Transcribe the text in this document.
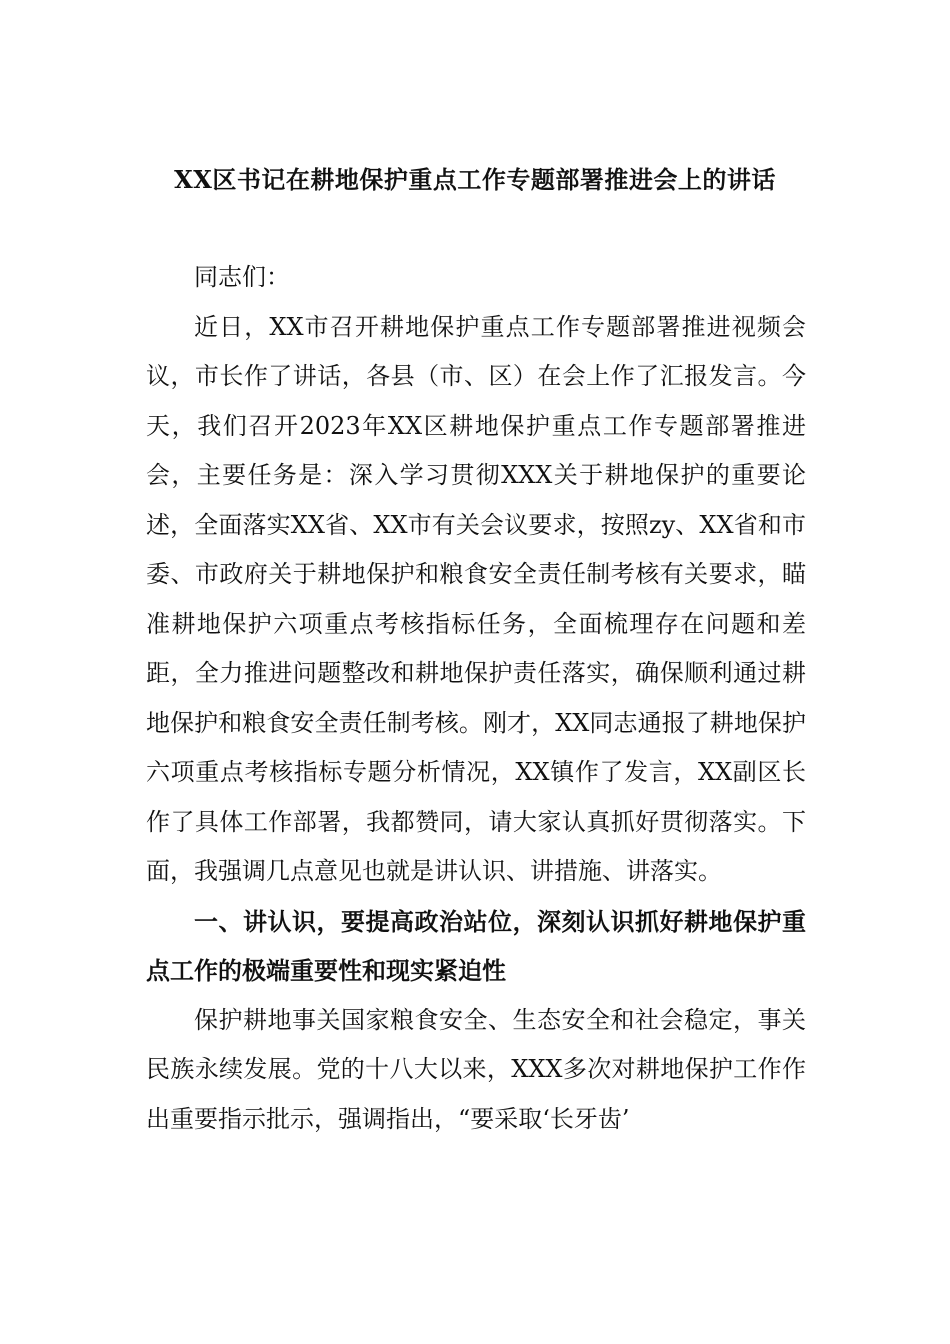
XX区书记在耕地保护重点工作专题部署推进会上的讲话

同志们：

近日，XX市召开耕地保护重点工作专题部署推进视频会议，市长作了讲话，各县（市、区）在会上作了汇报发言。今天，我们召开2023年XX区耕地保护重点工作专题部署推进会，主要任务是：深入学习贯彻XXX关于耕地保护的重要论述，全面落实XX省、XX市有关会议要求，按照zy、XX省和市委、市政府关于耕地保护和粮食安全责任制考核有关要求，瞄准耕地保护六项重点考核指标任务，全面梳理存在问题和差距，全力推进问题整改和耕地保护责任落实，确保顺利通过耕地保护和粮食安全责任制考核。刚才，XX同志通报了耕地保护六项重点考核指标专题分析情况，XX镇作了发言，XX副区长作了具体工作部署，我都赞同，请大家认真抓好贯彻落实。下面，我强调几点意见也就是讲认识、讲措施、讲落实。

一、讲认识，要提高政治站位，深刻认识抓好耕地保护重点工作的极端重要性和现实紧迫性

保护耕地事关国家粮食安全、生态安全和社会稳定，事关民族永续发展。党的十八大以来，XXX多次对耕地保护工作作出重要指示批示，强调指出，“要采取‘长牙齿’
